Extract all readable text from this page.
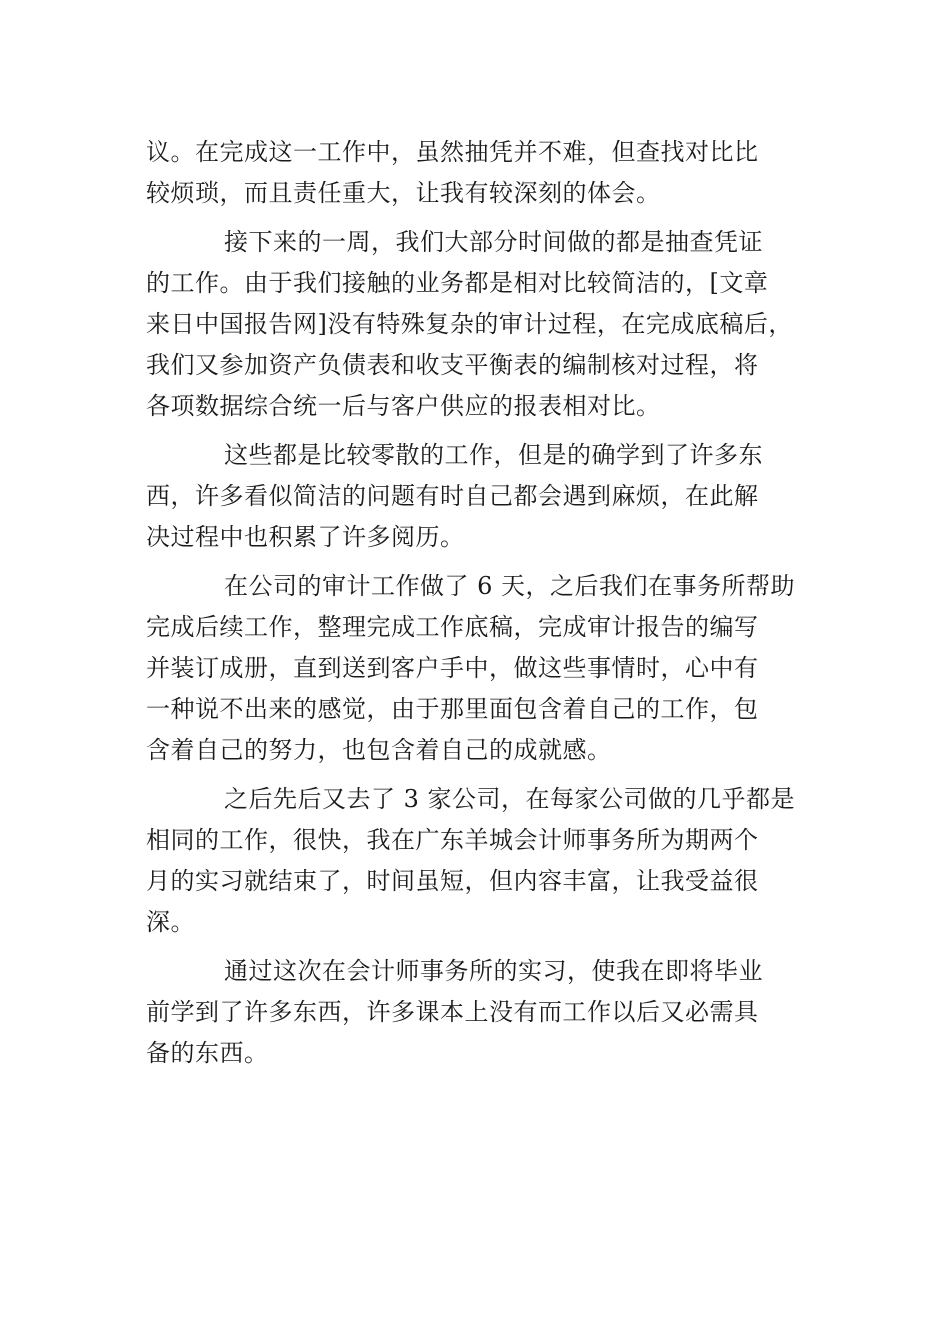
议。在完成这一工作中，虽然抽凭并不难，但查找对比比
较烦琐，而且责任重大，让我有较深刻的体会。
接下来的一周，我们大部分时间做的都是抽查凭证
的工作。由于我们接触的业务都是相对比较简洁的，[文章
来日中国报告网]没有特殊复杂的审计过程，在完成底稿后，
我们又参加资产负债表和收支平衡表的编制核对过程，将
各项数据综合统一后与客户供应的报表相对比。
这些都是比较零散的工作，但是的确学到了许多东
西，许多看似简洁的问题有时自己都会遇到麻烦，在此解
决过程中也积累了许多阅历。
在公司的审计工作做了 6 天，之后我们在事务所帮助
完成后续工作，整理完成工作底稿，完成审计报告的编写
并装订成册，直到送到客户手中，做这些事情时，心中有
一种说不出来的感觉，由于那里面包含着自己的工作，包
含着自己的努力，也包含着自己的成就感。
之后先后又去了 3 家公司，在每家公司做的几乎都是
相同的工作，很快，我在广东羊城会计师事务所为期两个
月的实习就结束了，时间虽短，但内容丰富，让我受益很
深。
通过这次在会计师事务所的实习，使我在即将毕业
前学到了许多东西，许多课本上没有而工作以后又必需具
备的东西。
